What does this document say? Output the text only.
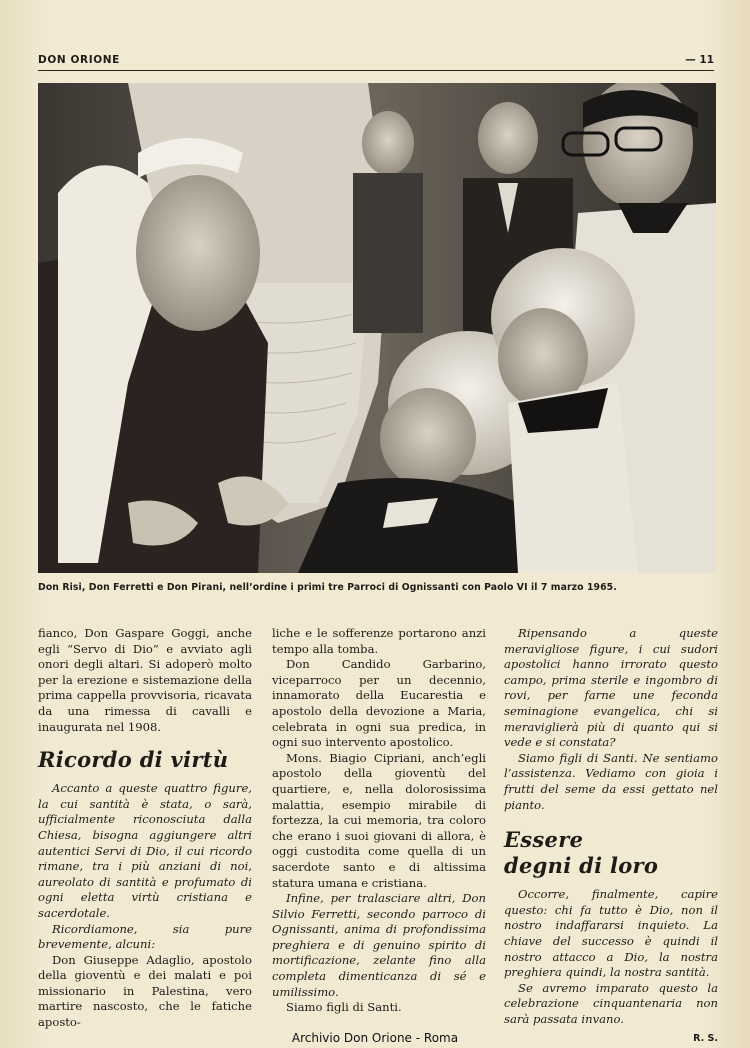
DON ORIONE	— 11
Don Risi, Don Ferretti e Don Pirani, nell’ordine i primi tre Parroci di Ognissanti con Paolo VI il 7 marzo 1965.

fianco, Don Gaspare Goggi, anche egli “Servo di Dio” e avviato agli onori degli altari. Si adoperò molto per la erezione e sistemazione della prima cappella provvisoria, ricavata da una rimessa di cavalli e inaugurata nel 1908.

Ricordo di virtù

Accanto a queste quattro figure, la cui santità è stata, o sarà, ufficialmente riconosciuta dalla Chiesa, bisogna aggiungere altri autentici Servi di Dio, il cui ricordo rimane, tra i più anziani di noi, aureolato di santità e profumato di ogni eletta virtù cristiana e sacerdotale.

Ricordiamone, sia pure brevemente, alcuni:

Don Giuseppe Adaglio, apostolo della gioventù e dei malati e poi missionario in Palestina, vero martire nascosto, che le fatiche aposto-

liche e le sofferenze portarono anzi tempo alla tomba.

Don Candido Garbarino, viceparroco per un decennio, innamorato della Eucarestia e apostolo della devozione a Maria, celebrata in ogni sua predica, in ogni suo intervento apostolico.

Mons. Biagio Cipriani, anch’egli apostolo della gioventù del quartiere, e, nella dolorosissima malattia, esempio mirabile di fortezza, la cui memoria, tra coloro che erano i suoi giovani di allora, è oggi custodita come quella di un sacerdote santo e di altissima statura umana e cristiana.

Infine, per tralasciare altri, Don Silvio Ferretti, secondo parroco di Ognissanti, anima di profondissima preghiera e di genuino spirito di mortificazione, zelante fino alla completa dimenticanza di sé e umilissimo.

Siamo figli di Santi.

Ripensando a queste meravigliose figure, i cui sudori apostolici hanno irrorato questo campo, prima sterile e ingombro di rovi, per farne une feconda seminagione evangelica, chi si meraviglierà più di quanto qui si vede e si constata?

Siamo figli di Santi. Ne sentiamo l’assistenza. Vediamo con gioia i frutti del seme da essi gettato nel pianto.

Essere
degni di loro

Occorre, finalmente, capire questo: chi fa tutto è Dio, non il nostro indaffararsi inquieto. La chiave del successo è quindi il nostro attacco a Dio, la nostra preghiera quindi, la nostra santità.

Se avremo imparato questo la celebrazione cinquantenaria non sarà passata invano.

R. S.
Archivio Don Orione - Roma
